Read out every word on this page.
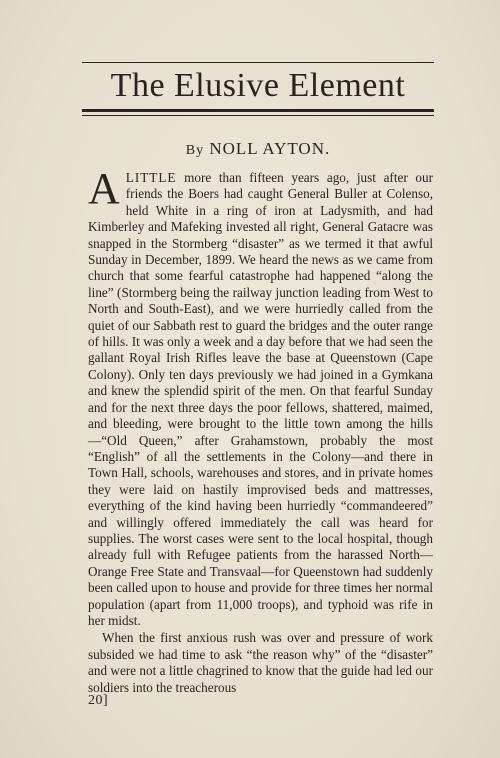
The Elusive Element
By NOLL AYTON.

ALITTLE more than fifteen years ago, just after our friends the Boers had caught General Buller at Colenso, held White in a ring of iron at Ladysmith, and had Kimberley and Mafeking invested all right, General Gatacre was snapped in the Stormberg “disaster” as we termed it that awful Sunday in December, 1899. We heard the news as we came from church that some fearful catastrophe had happened “along the line” (Stormberg being the railway junction leading from West to North and South-East), and we were hurriedly called from the quiet of our Sabbath rest to guard the bridges and the outer range of hills. It was only a week and a day before that we had seen the gallant Royal Irish Rifles leave the base at Queenstown (Cape Colony). Only ten days previously we had joined in a Gymkana and knew the splendid spirit of the men. On that fearful Sunday and for the next three days the poor fellows, shattered, maimed, and bleeding, were brought to the little town among the hills—“Old Queen,” after Grahamstown, probably the most “English” of all the settlements in the Colony—and there in Town Hall, schools, warehouses and stores, and in private homes they were laid on hastily improvised beds and mattresses, everything of the kind having been hurriedly “commandeered” and willingly offered immediately the call was heard for supplies. The worst cases were sent to the local hospital, though already full with Refugee patients from the harassed North—Orange Free State and Transvaal—for Queenstown had suddenly been called upon to house and provide for three times her normal population (apart from 11,000 troops), and typhoid was rife in her midst.

When the first anxious rush was over and pressure of work subsided we had time to ask “the reason why” of the “disaster” and were not a little chagrined to know that the guide had led our soldiers into the treacherous

20]
